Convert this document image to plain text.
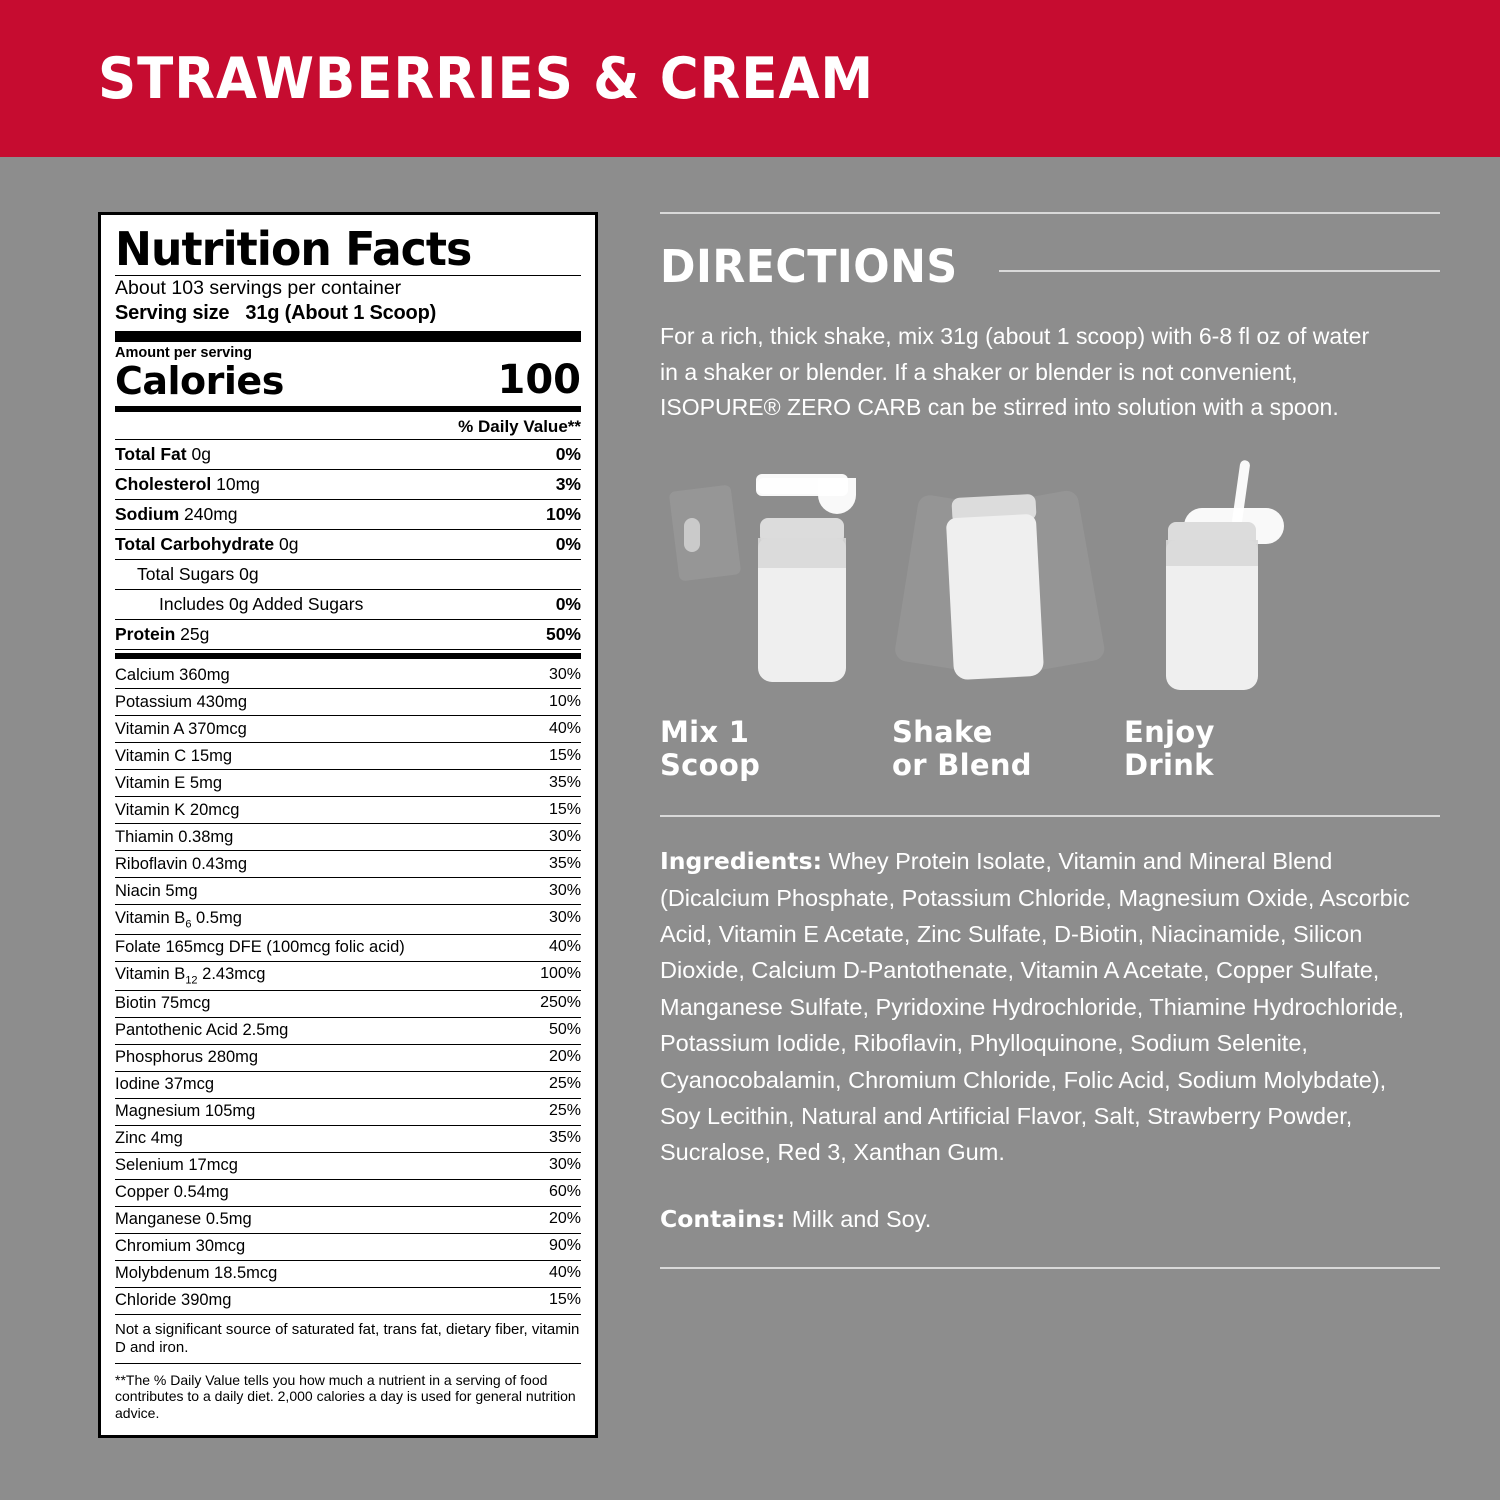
STRAWBERRIES & CREAM
Nutrition Facts
About 103 servings per container
Serving size 31g (About 1 Scoop)
Amount per serving
Calories	100
% Daily Value**
Total Fat 0g	0%
Cholesterol 10mg	3%
Sodium 240mg	10%
Total Carbohydrate 0g	0%
Total Sugars 0g
Includes 0g Added Sugars	0%
Protein 25g	50%
Calcium 360mg	30%
Potassium 430mg	10%
Vitamin A 370mcg	40%
Vitamin C 15mg	15%
Vitamin E 5mg	35%
Vitamin K 20mcg	15%
Thiamin 0.38mg	30%
Riboflavin 0.43mg	35%
Niacin 5mg	30%
Vitamin $B_6$ 0.5mg	30%
Folate 165mcg DFE (100mcg folic acid)	40%
Vitamin $B_{12}$ 2.43mcg	100%
Biotin 75mcg	250%
Pantothenic Acid 2.5mg	50%
Phosphorus 280mg	20%
Iodine 37mcg	25%
Magnesium 105mg	25%
Zinc 4mg	35%
Selenium 17mcg	30%
Copper 0.54mg	60%
Manganese 0.5mg	20%
Chromium 30mcg	90%
Molybdenum 18.5mcg	40%
Chloride 390mg	15%
Not a significant source of saturated fat, trans fat, dietary fiber, vitamin D and iron.
**The % Daily Value tells you how much a nutrient in a serving of food contributes to a daily diet. 2,000 calories a day is used for general nutrition advice.
DIRECTIONS

For a rich, thick shake, mix 31g (about 1 scoop) with 6-8 fl oz of water in a shaker or blender. If a shaker or blender is not convenient, ISOPURE® ZERO CARB can be stirred into solution with a spoon.

Mix 1
Scoop
Shake
or Blend
Enjoy
Drink
Ingredients: Whey Protein Isolate, Vitamin and Mineral Blend (Dicalcium Phosphate, Potassium Chloride, Magnesium Oxide, Ascorbic Acid, Vitamin E Acetate, Zinc Sulfate, D-Biotin, Niacinamide, Silicon Dioxide, Calcium D-Pantothenate, Vitamin A Acetate, Copper Sulfate, Manganese Sulfate, Pyridoxine Hydrochloride, Thiamine Hydrochloride, Potassium Iodide, Riboflavin, Phylloquinone, Sodium Selenite, Cyanocobalamin, Chromium Chloride, Folic Acid, Sodium Molybdate), Soy Lecithin, Natural and Artificial Flavor, Salt, Strawberry Powder, Sucralose, Red 3, Xanthan Gum.
Contains: Milk and Soy.
